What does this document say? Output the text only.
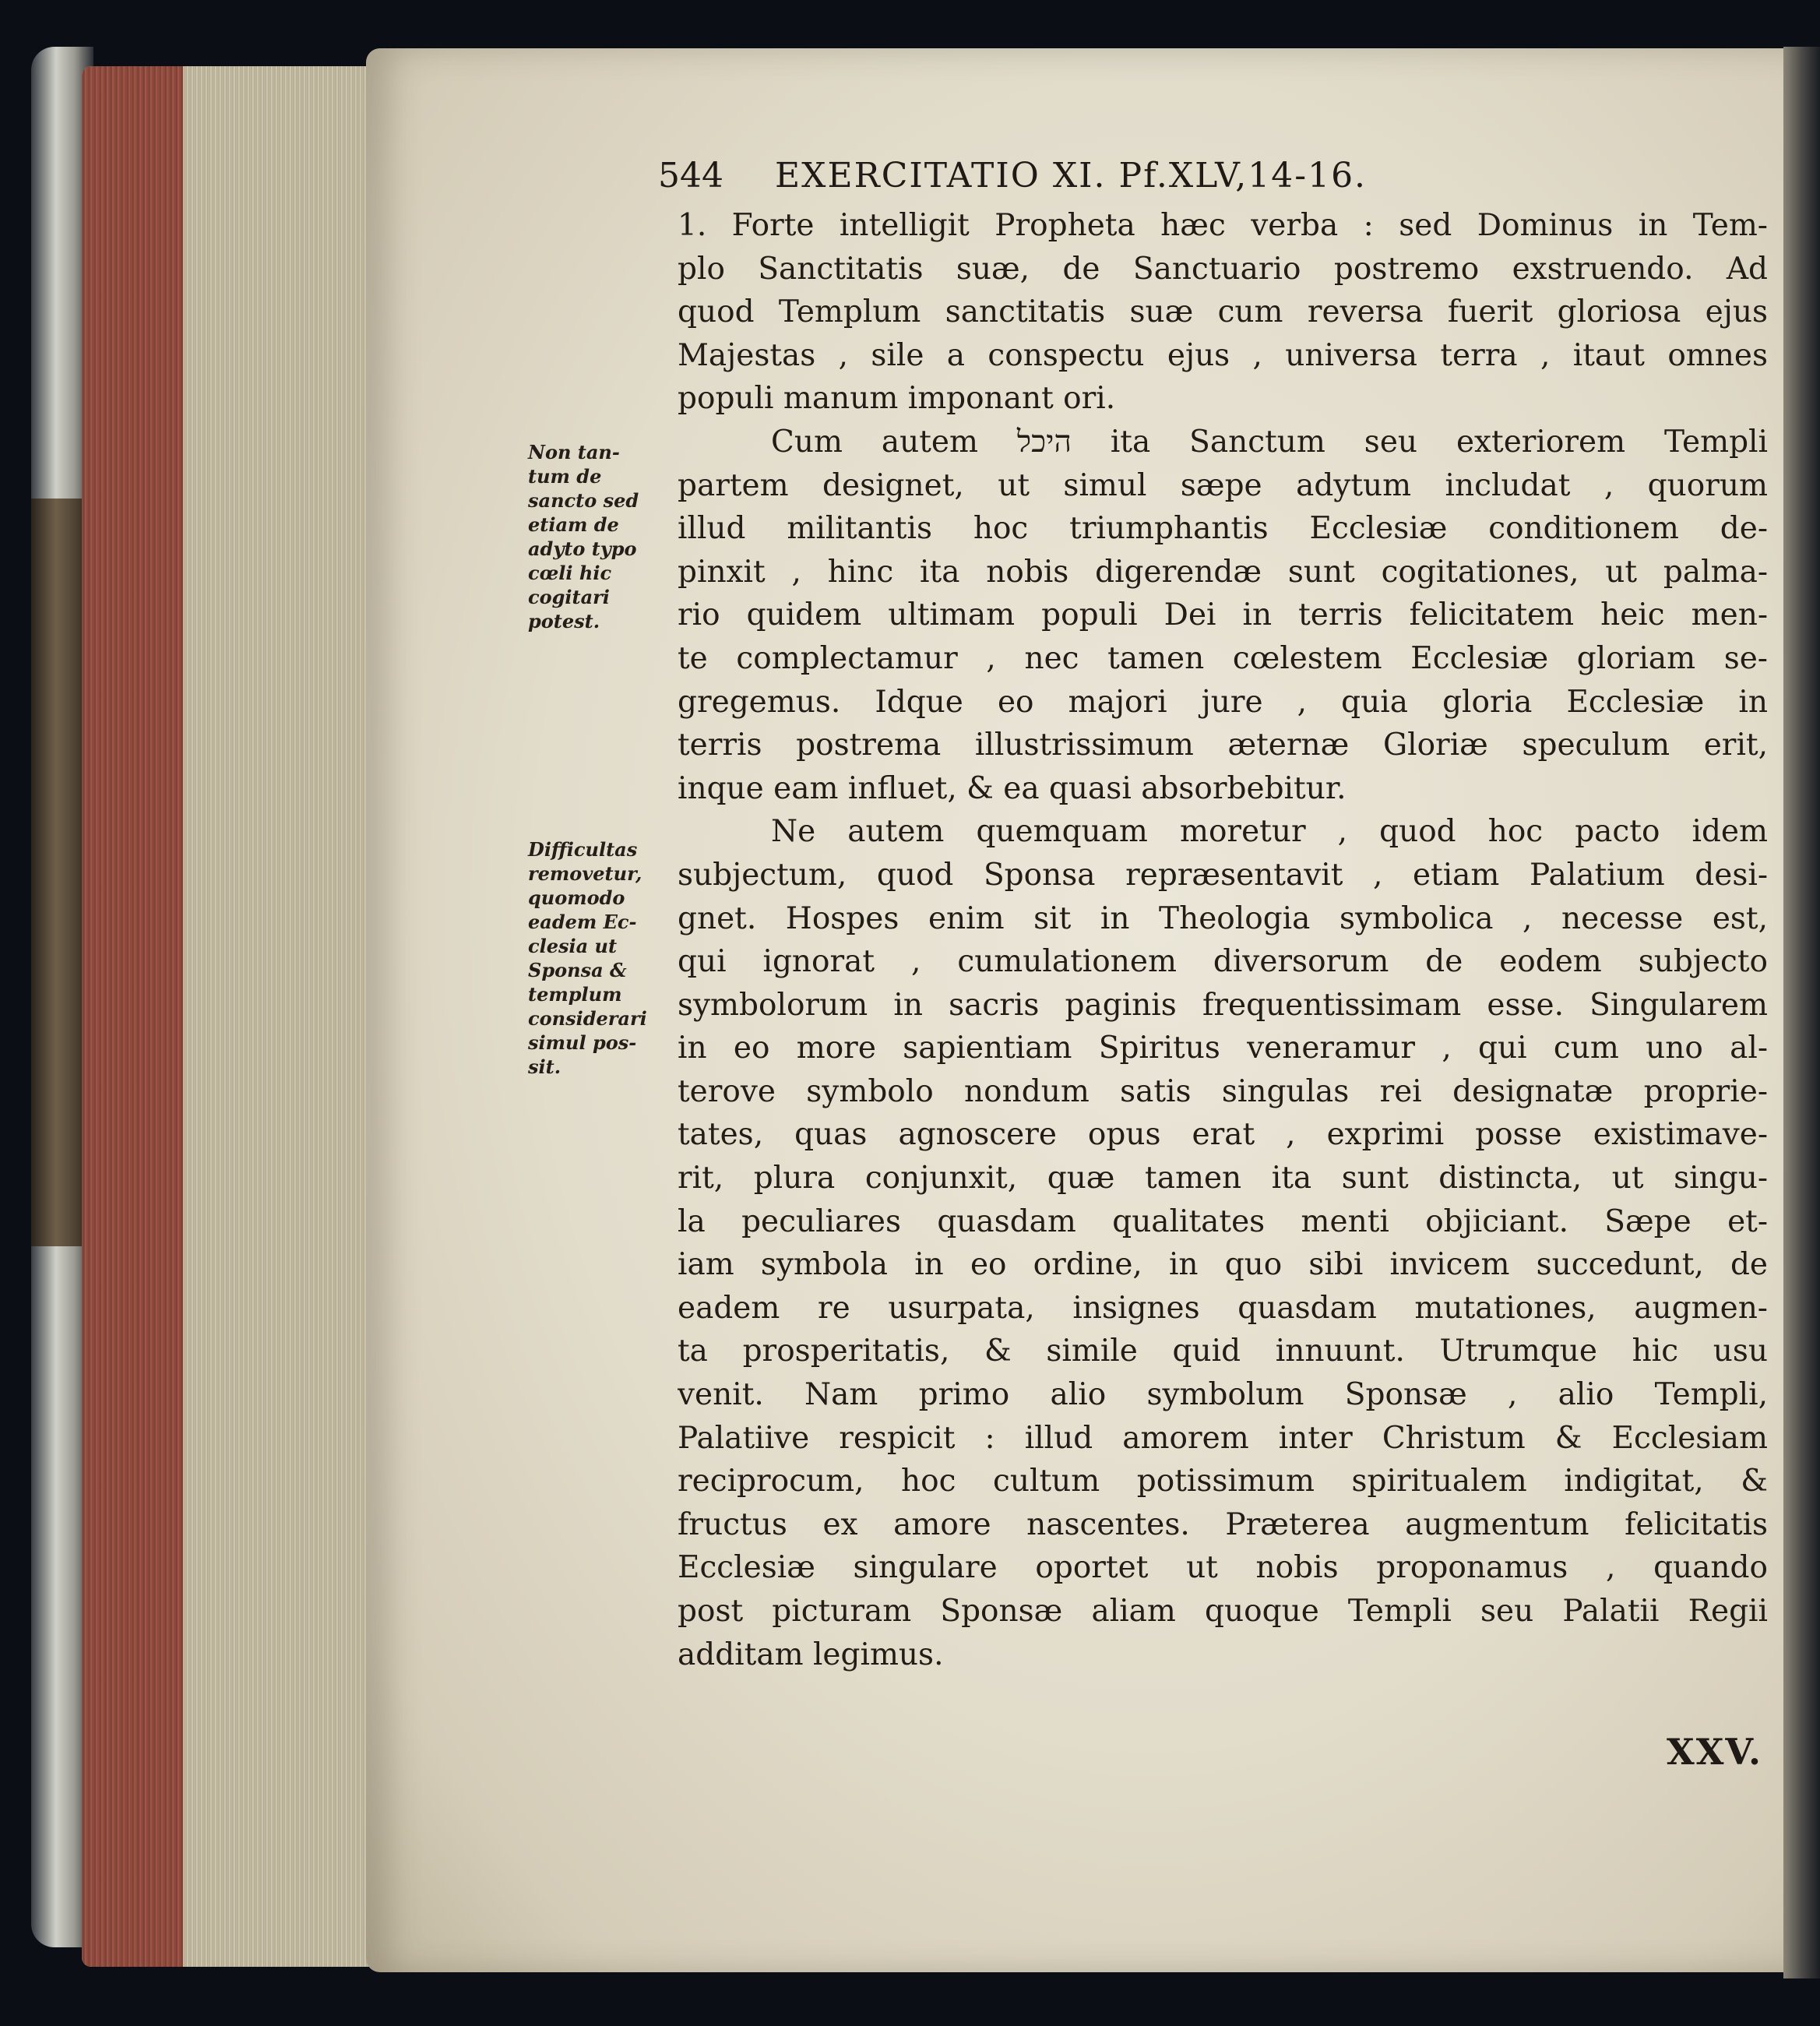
544 EXERCITATIO XI. Pf.XLV,14-16.
1. Forte intelligit Propheta hæc verba : sed Dominus in Tem-
plo Sanctitatis suæ, de Sanctuario postremo exstruendo. Ad
quod Templum sanctitatis suæ cum reversa fuerit gloriosa ejus
Majestas , sile a conspectu ejus , universa terra , itaut omnes
populi manum imponant ori.
Cum autem היכל ita Sanctum seu exteriorem Templi
partem designet, ut simul sæpe adytum includat , quorum
illud militantis hoc triumphantis Ecclesiæ conditionem de-
pinxit , hinc ita nobis digerendæ sunt cogitationes, ut palma-
rio quidem ultimam populi Dei in terris felicitatem heic men-
te complectamur , nec tamen cœlestem Ecclesiæ gloriam se-
gregemus. Idque eo majori jure , quia gloria Ecclesiæ in
terris postrema illustrissimum æternæ Gloriæ speculum erit,
inque eam influet, & ea quasi absorbebitur.
Ne autem quemquam moretur , quod hoc pacto idem
subjectum, quod Sponsa repræsentavit , etiam Palatium desi-
gnet. Hospes enim sit in Theologia symbolica , necesse est,
qui ignorat , cumulationem diversorum de eodem subjecto
symbolorum in sacris paginis frequentissimam esse. Singularem
in eo more sapientiam Spiritus veneramur , qui cum uno al-
terove symbolo nondum satis singulas rei designatæ proprie-
tates, quas agnoscere opus erat , exprimi posse existimave-
rit, plura conjunxit, quæ tamen ita sunt distincta, ut singu-
la peculiares quasdam qualitates menti objiciant. Sæpe et-
iam symbola in eo ordine, in quo sibi invicem succedunt, de
eadem re usurpata, insignes quasdam mutationes, augmen-
ta prosperitatis, & simile quid innuunt. Utrumque hic usu
venit. Nam primo alio symbolum Sponsæ , alio Templi,
Palatiive respicit : illud amorem inter Christum & Ecclesiam
reciprocum, hoc cultum potissimum spiritualem indigitat, &
fructus ex amore nascentes. Præterea augmentum felicitatis
Ecclesiæ singulare oportet ut nobis proponamus , quando
post picturam Sponsæ aliam quoque Templi seu Palatii Regii
additam legimus.
Non tan-
tum de
sancto sed
etiam de
adyto typo
cœli hic
cogitari
potest.
Difficultas
removetur,
quomodo
eadem Ec-
clesia ut
Sponsa &
templum
considerari
simul pos-
sit.
XXV.
